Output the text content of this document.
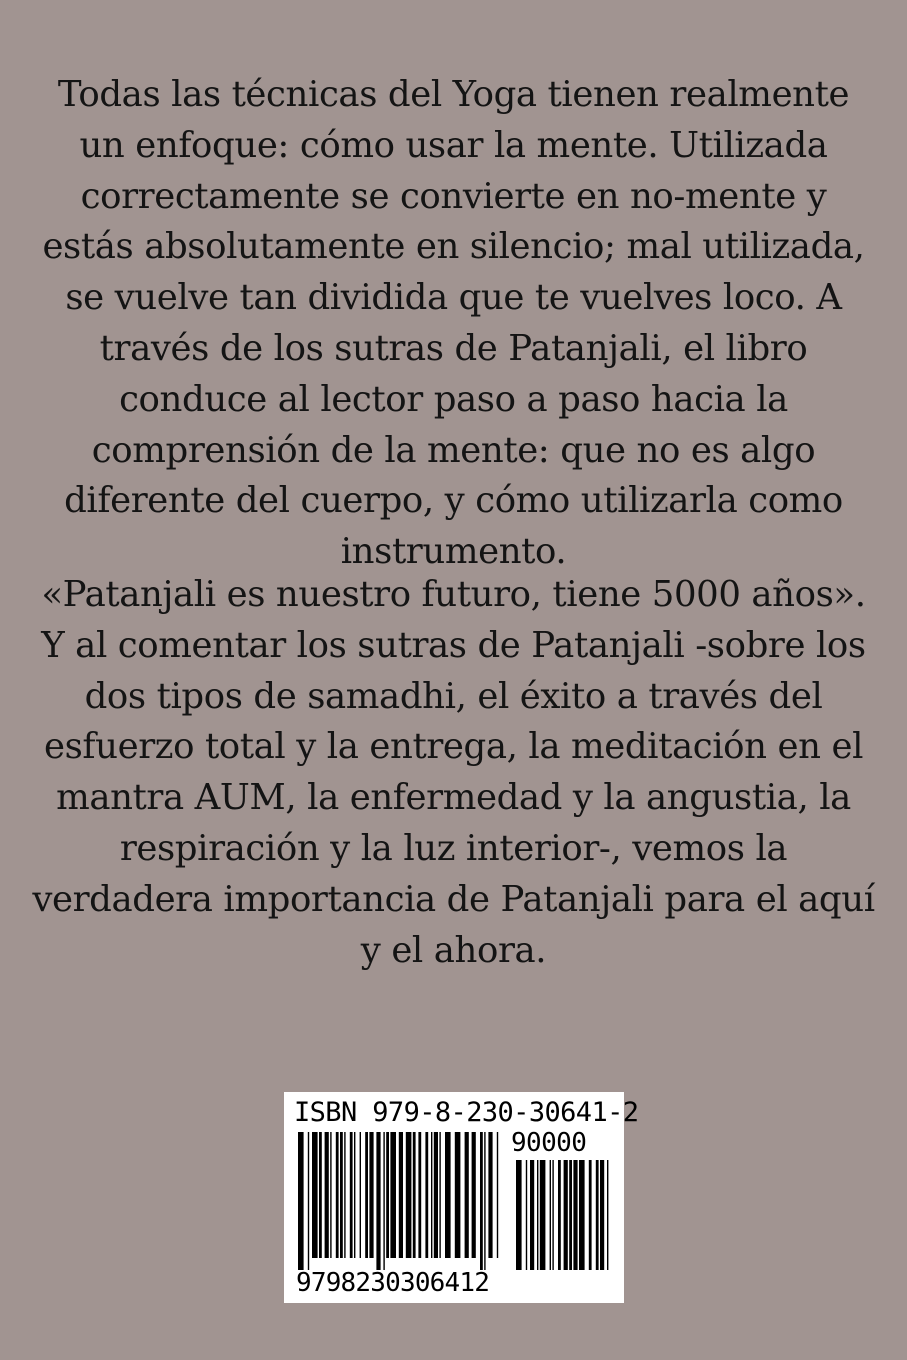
Todas las técnicas del Yoga tienen realmente
un enfoque: cómo usar la mente. Utilizada
correctamente se convierte en no-mente y
estás absolutamente en silencio; mal utilizada,
se vuelve tan dividida que te vuelves loco. A
través de los sutras de Patanjali, el libro
conduce al lector paso a paso hacia la
comprensión de la mente: que no es algo
diferente del cuerpo, y cómo utilizarla como
instrumento.
«Patanjali es nuestro futuro, tiene 5000 años».
Y al comentar los sutras de Patanjali -sobre los
dos tipos de samadhi, el éxito a través del
esfuerzo total y la entrega, la meditación en el
mantra AUM, la enfermedad y la angustia, la
respiración y la luz interior-, vemos la
verdadera importancia de Patanjali para el aquí
y el ahora.
ISBN 979-8-230-30641-2
90000
9798230306412
